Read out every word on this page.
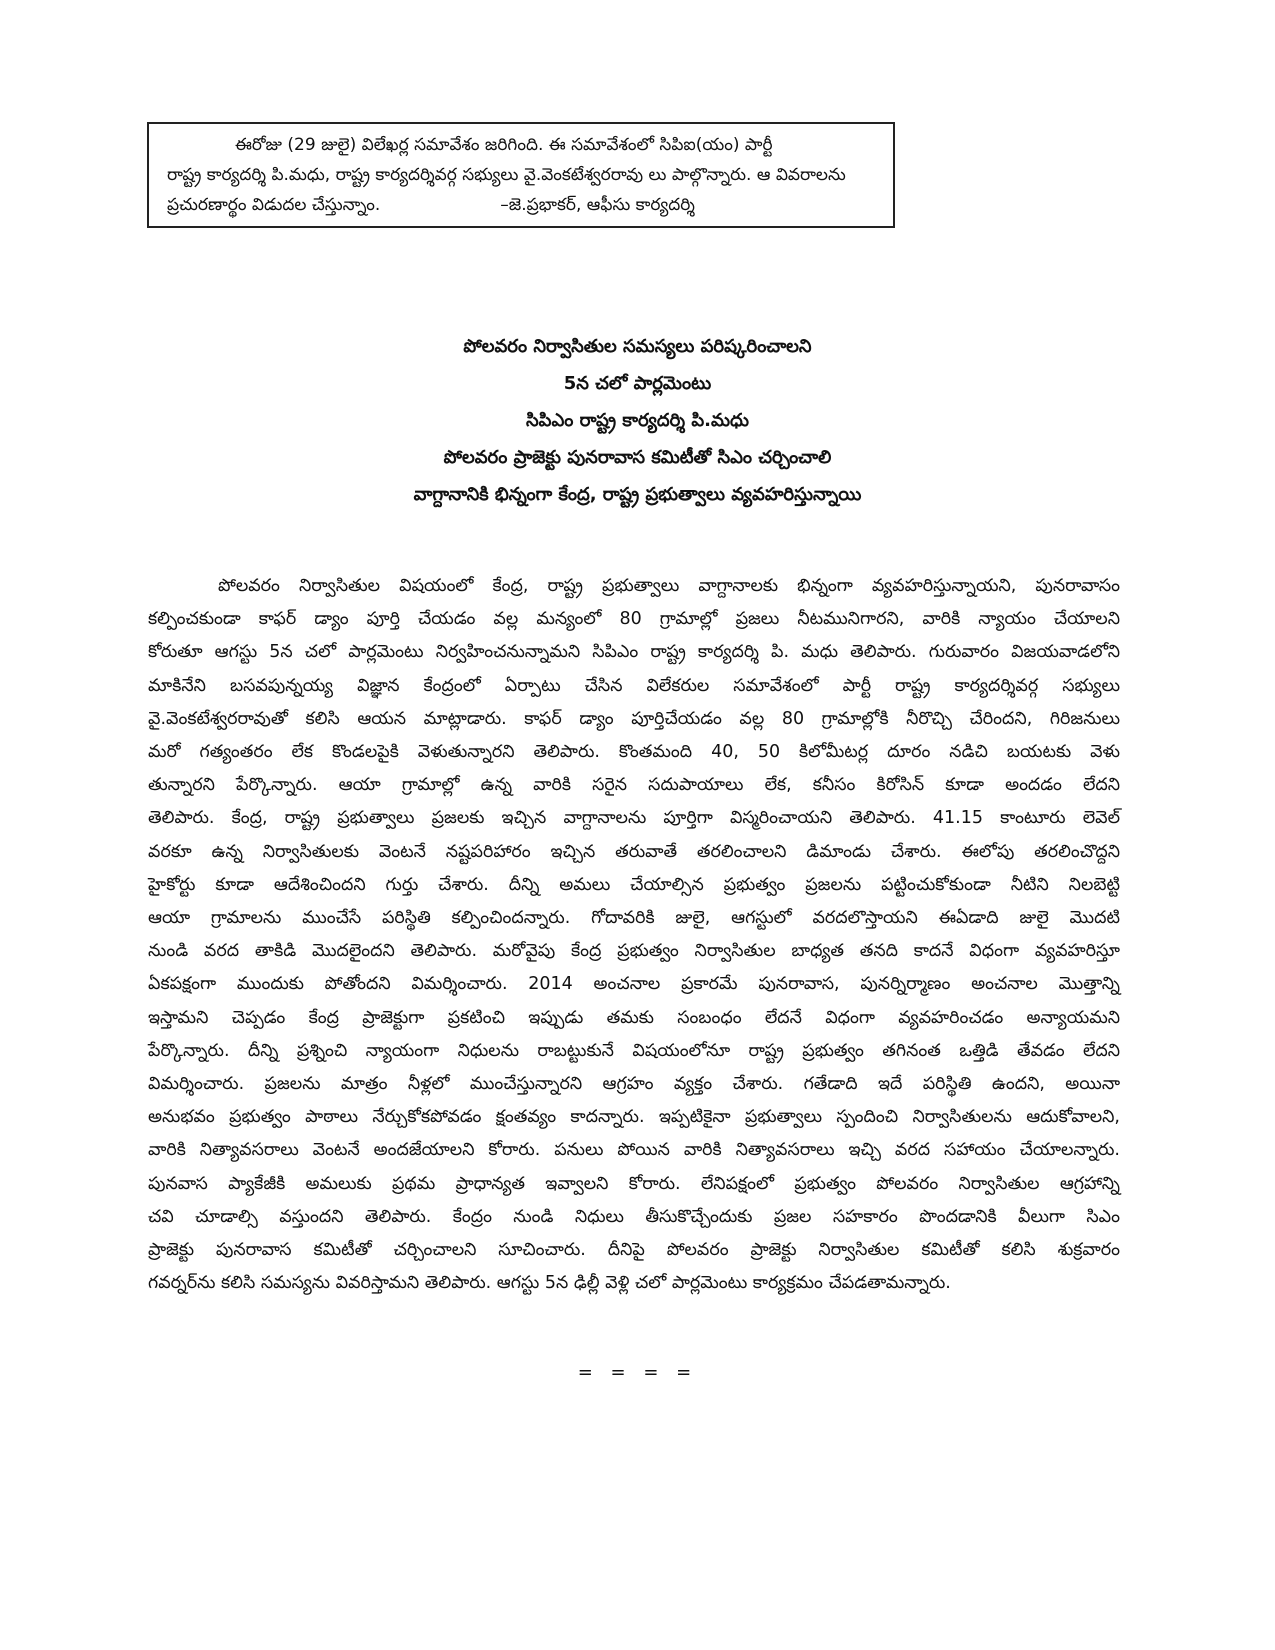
ఈరోజు (29 జులై) విలేఖర్ల సమావేశం జరిగింది. ఈ సమావేశంలో సిపిఐ(యం) పార్టీ
రాష్ట్ర కార్యదర్శి పి.మధు, రాష్ట్ర కార్యదర్శివర్గ సభ్యులు వై.వెంకటేశ్వరరావు లు పాల్గొన్నారు. ఆ వివరాలను
ప్రచురణార్థం విడుదల చేస్తున్నాం.	–జె.ప్రభాకర్, ఆఫీసు కార్యదర్శి
పోలవరం నిర్వాసితుల సమస్యలు పరిష్కరించాలని
5న చలో పార్లమెంటు
సిపిఎం రాష్ట్ర కార్యదర్శి పి.మధు
పోలవరం ప్రాజెక్టు పునరావాస కమిటీతో సిఎం చర్చించాలి
వాగ్దానానికి భిన్నంగా కేంద్ర, రాష్ట్ర ప్రభుత్వాలు వ్యవహరిస్తున్నాయి
పోలవరం నిర్వాసితుల విషయంలో కేంద్ర, రాష్ట్ర ప్రభుత్వాలు వాగ్దానాలకు భిన్నంగా వ్యవహరిస్తున్నాయని, పునరావాసం
కల్పించకుండా కాఫర్ డ్యాం పూర్తి చేయడం వల్ల మన్యంలో 80 గ్రామాల్లో ప్రజలు నీటమునిగారని, వారికి న్యాయం చేయాలని
కోరుతూ ఆగస్టు 5న చలో పార్లమెంటు నిర్వహించనున్నామని సిపిఎం రాష్ట్ర కార్యదర్శి పి. మధు తెలిపారు. గురువారం విజయవాడలోని
మాకినేని బసవపున్నయ్య విజ్ఞాన కేంద్రంలో ఏర్పాటు చేసిన విలేకరుల సమావేశంలో పార్టీ రాష్ట్ర కార్యదర్శివర్గ సభ్యులు
వై.వెంకటేశ్వరరావుతో కలిసి ఆయన మాట్లాడారు. కాఫర్ డ్యాం పూర్తిచేయడం వల్ల 80 గ్రామాల్లోకి నీరొచ్చి చేరిందని, గిరిజనులు
మరో గత్యంతరం లేక కొండలపైకి వెళుతున్నారని తెలిపారు. కొంతమంది 40, 50 కిలోమీటర్ల దూరం నడిచి బయటకు వెళు
తున్నారని పేర్కొన్నారు. ఆయా గ్రామాల్లో ఉన్న వారికి సరైన సదుపాయాలు లేక, కనీసం కిరోసిన్ కూడా అందడం లేదని
తెలిపారు. కేంద్ర, రాష్ట్ర ప్రభుత్వాలు ప్రజలకు ఇచ్చిన వాగ్దానాలను పూర్తిగా విస్మరించాయని తెలిపారు. 41.15 కాంటూరు లెవెల్
వరకూ ఉన్న నిర్వాసితులకు వెంటనే నష్టపరిహారం ఇచ్చిన తరువాతే తరలించాలని డిమాండు చేశారు. ఈలోపు తరలించొద్దని
హైకోర్టు కూడా ఆదేశించిందని గుర్తు చేశారు. దీన్ని అమలు చేయాల్సిన ప్రభుత్వం ప్రజలను పట్టించుకోకుండా నీటిని నిలబెట్టి
ఆయా గ్రామాలను ముంచేసే పరిస్థితి కల్పించిందన్నారు. గోదావరికి జులై, ఆగస్టులో వరదలొస్తాయని ఈఏడాది జులై మొదటి
నుండి వరద తాకిడి మొదలైందని తెలిపారు. మరోవైపు కేంద్ర ప్రభుత్వం నిర్వాసితుల బాధ్యత తనది కాదనే విధంగా వ్యవహరిస్తూ
ఏకపక్షంగా ముందుకు పోతోందని విమర్శించారు. 2014 అంచనాల ప్రకారమే పునరావాస, పునర్నిర్మాణం అంచనాల మొత్తాన్ని
ఇస్తామని చెప్పడం కేంద్ర ప్రాజెక్టుగా ప్రకటించి ఇప్పుడు తమకు సంబంధం లేదనే విధంగా వ్యవహరించడం అన్యాయమని
పేర్కొన్నారు. దీన్ని ప్రశ్నించి న్యాయంగా నిధులను రాబట్టుకునే విషయంలోనూ రాష్ట్ర ప్రభుత్వం తగినంత ఒత్తిడి తేవడం లేదని
విమర్శించారు. ప్రజలను మాత్రం నీళ్లలో ముంచేస్తున్నారని ఆగ్రహం వ్యక్తం చేశారు. గతేడాది ఇదే పరిస్థితి ఉందని, అయినా
అనుభవం ప్రభుత్వం పాఠాలు నేర్చుకోకపోవడం క్షంతవ్యం కాదన్నారు. ఇప్పటికైనా ప్రభుత్వాలు స్పందించి నిర్వాసితులను ఆదుకోవాలని,
వారికి నిత్యావసరాలు వెంటనే అందజేయాలని కోరారు. పనులు పోయిన వారికి నిత్యావసరాలు ఇచ్చి వరద సహాయం చేయాలన్నారు.
పునవాస ప్యాకేజీకి అమలుకు ప్రథమ ప్రాధాన్యత ఇవ్వాలని కోరారు. లేనిపక్షంలో ప్రభుత్వం పోలవరం నిర్వాసితుల ఆగ్రహాన్ని
చవి చూడాల్సి వస్తుందని తెలిపారు. కేంద్రం నుండి నిధులు తీసుకొచ్చేందుకు ప్రజల సహకారం పొందడానికి వీలుగా సిఎం
ప్రాజెక్టు పునరావాస కమిటీతో చర్చించాలని సూచించారు. దీనిపై పోలవరం ప్రాజెక్టు నిర్వాసితుల కమిటీతో కలిసి శుక్రవారం
గవర్నర్‌ను కలిసి సమస్యను వివరిస్తామని తెలిపారు. ఆగస్టు 5న ఢిల్లీ వెళ్లి చలో పార్లమెంటు కార్యక్రమం చేపడతామన్నారు.
= = = =
